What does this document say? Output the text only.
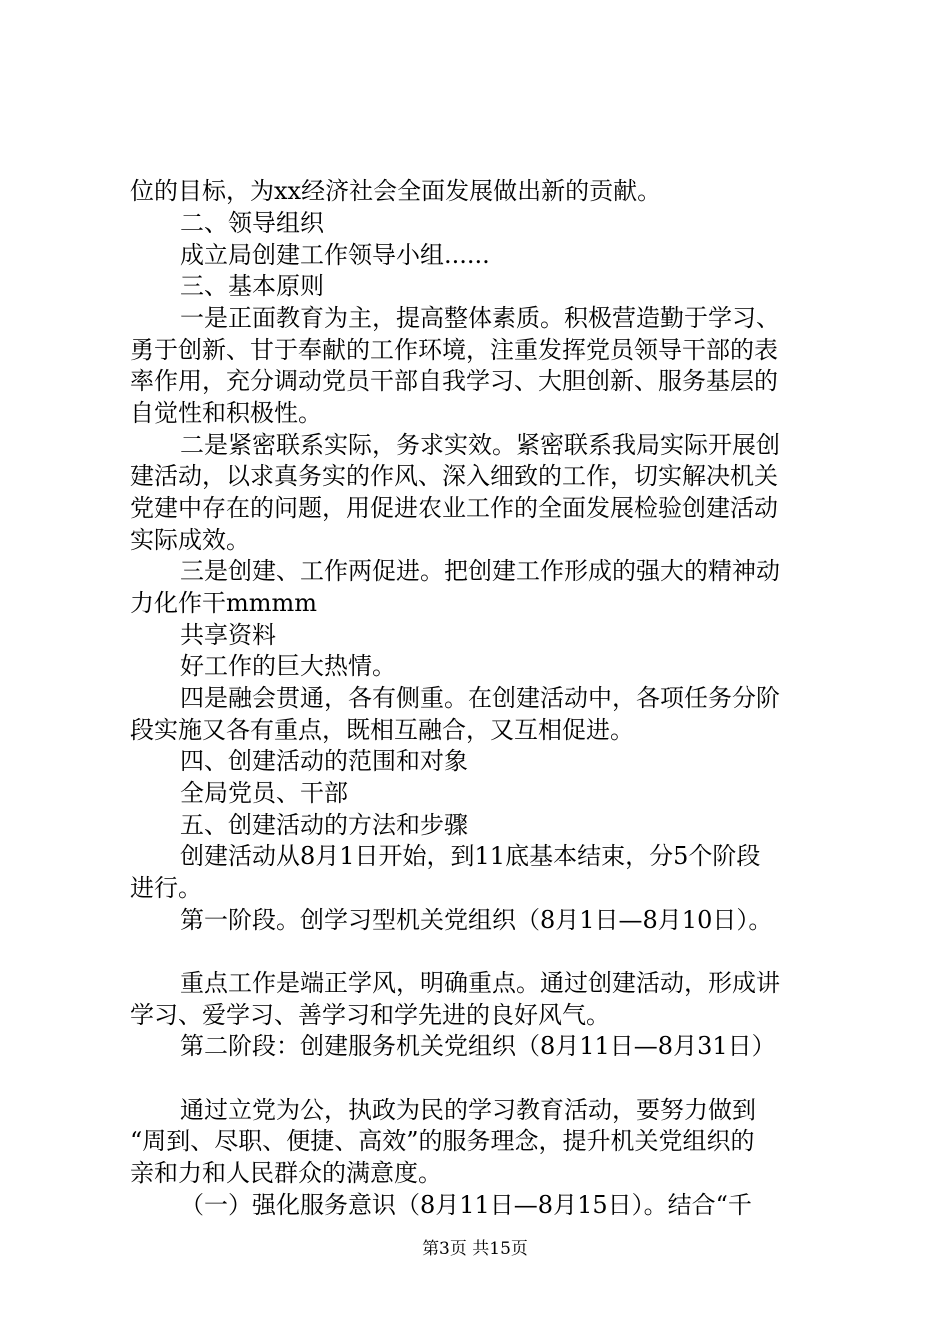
位的目标，为xx经济社会全面发展做出新的贡献。
二、领导组织
成立局创建工作领导小组......
三、基本原则
一是正面教育为主，提高整体素质。积极营造勤于学习、
勇于创新、甘于奉献的工作环境，注重发挥党员领导干部的表
率作用，充分调动党员干部自我学习、大胆创新、服务基层的
自觉性和积极性。
二是紧密联系实际，务求实效。紧密联系我局实际开展创
建活动，以求真务实的作风、深入细致的工作，切实解决机关
党建中存在的问题，用促进农业工作的全面发展检验创建活动
实际成效。
三是创建、工作两促进。把创建工作形成的强大的精神动
力化作干mmmm
共享资料
好工作的巨大热情。
四是融会贯通，各有侧重。在创建活动中，各项任务分阶
段实施又各有重点，既相互融合，又互相促进。
四、创建活动的范围和对象
全局党员、干部
五、创建活动的方法和步骤
创建活动从8月1日开始，到11底基本结束，分5个阶段
进行。
第一阶段。创学习型机关党组织（8月1日—8月10日）。
重点工作是端正学风，明确重点。通过创建活动，形成讲
学习、爱学习、善学习和学先进的良好风气。
第二阶段：创建服务机关党组织（8月11日—8月31日）
通过立党为公，执政为民的学习教育活动，要努力做到
“周到、尽职、便捷、高效”的服务理念，提升机关党组织的
亲和力和人民群众的满意度。
（一）强化服务意识（8月11日—8月15日）。结合“千
第3页 共15页
